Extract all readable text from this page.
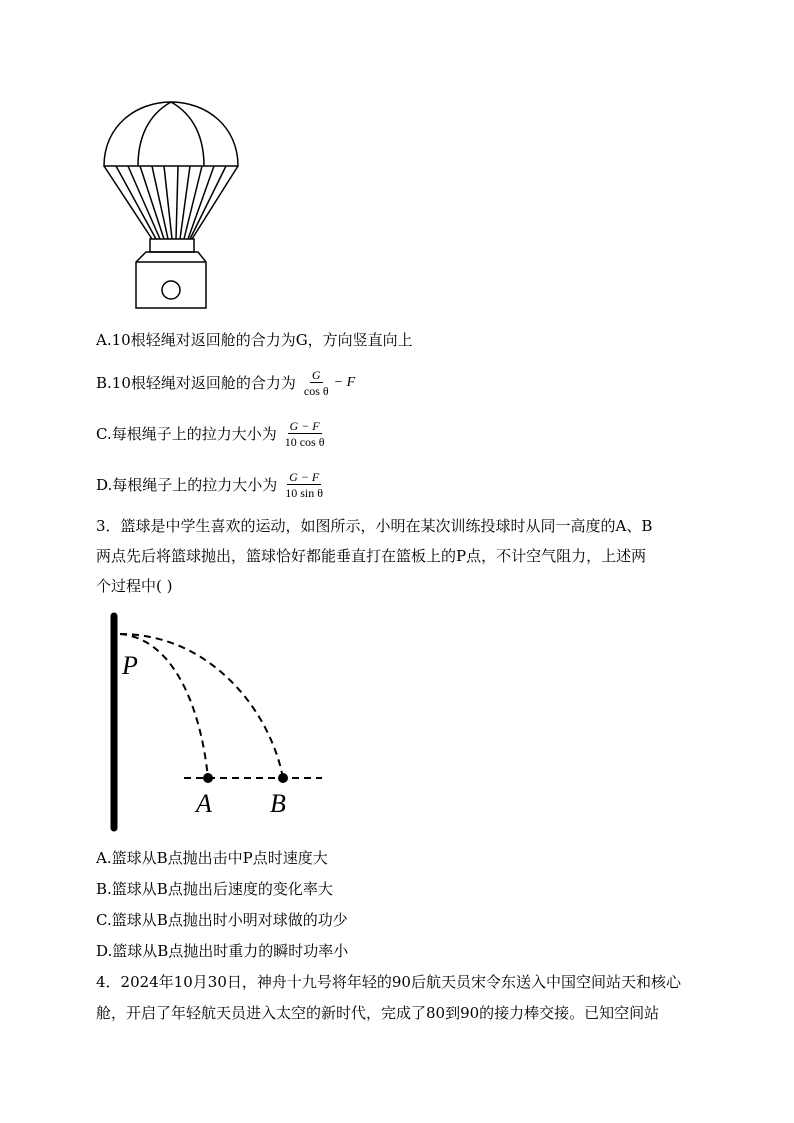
A.10根轻绳对返回舱的合力为G，方向竖直向上
B.10根轻绳对返回舱的合力为 $\frac{G}{\text{cos θ}} - F$
C.每根绳子上的拉力大小为 $\frac{G - F}{\text{10 cos θ}}$
D.每根绳子上的拉力大小为 $\frac{G - F}{\text{10 sin θ}}$
3．篮球是中学生喜欢的运动，如图所示，小明在某次训练投球时从同一高度的A、B
两点先后将篮球抛出，篮球恰好都能垂直打在篮板上的P点，不计空气阻力，上述两
个过程中( )
P
A B
A.篮球从B点抛出击中P点时速度大
B.篮球从B点抛出后速度的变化率大
C.篮球从B点抛出时小明对球做的功少
D.篮球从B点抛出时重力的瞬时功率小
4．2024年10月30日，神舟十九号将年轻的90后航天员宋令东送入中国空间站天和核心
舱，开启了年轻航天员进入太空的新时代，完成了80到90的接力棒交接。已知空间站
